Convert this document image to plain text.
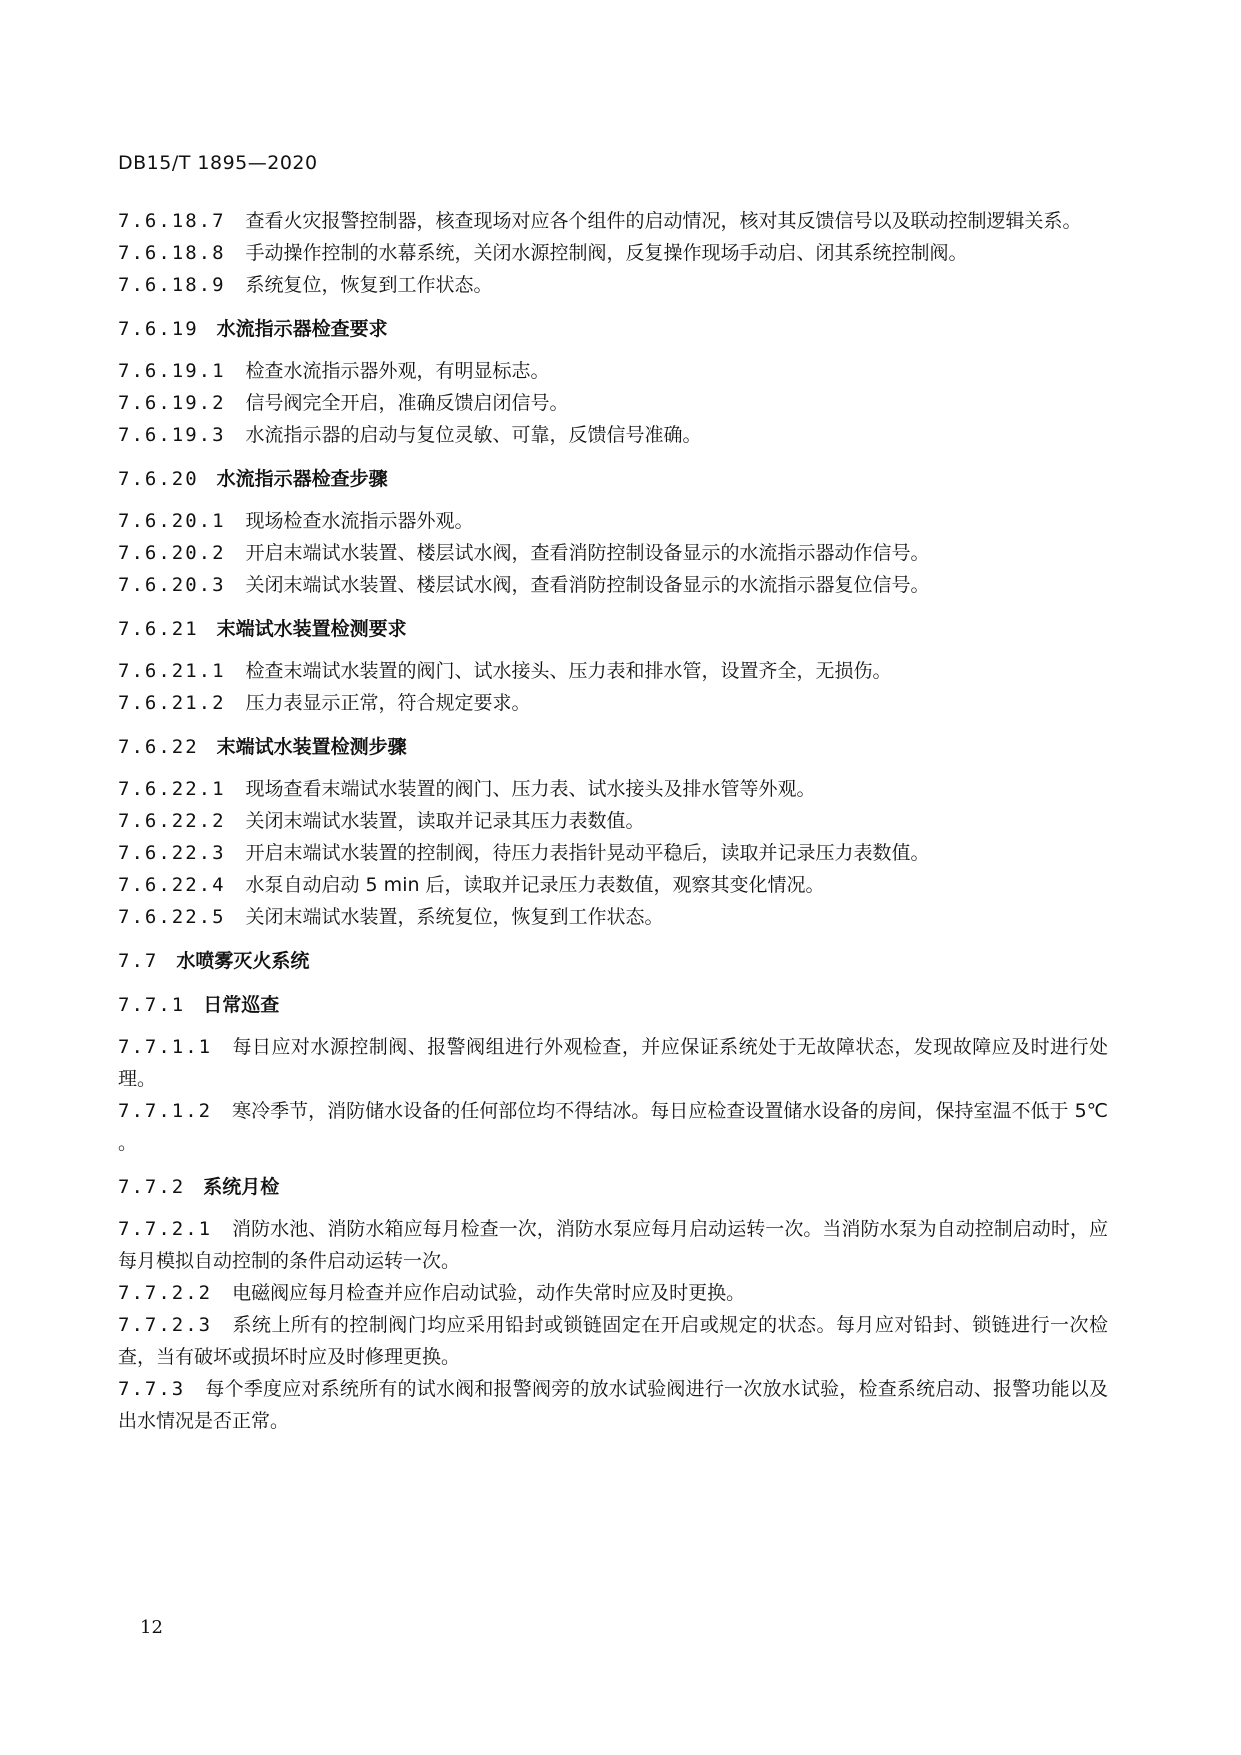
DB15/T 1895—2020
7.6.18.7 查看火灾报警控制器，核查现场对应各个组件的启动情况，核对其反馈信号以及联动控制逻辑关系。
7.6.18.8 手动操作控制的水幕系统，关闭水源控制阀，反复操作现场手动启、闭其系统控制阀。
7.6.18.9 系统复位，恢复到工作状态。
7.6.19 水流指示器检查要求
7.6.19.1 检查水流指示器外观，有明显标志。
7.6.19.2 信号阀完全开启，准确反馈启闭信号。
7.6.19.3 水流指示器的启动与复位灵敏、可靠，反馈信号准确。
7.6.20 水流指示器检查步骤
7.6.20.1 现场检查水流指示器外观。
7.6.20.2 开启末端试水装置、楼层试水阀，查看消防控制设备显示的水流指示器动作信号。
7.6.20.3 关闭末端试水装置、楼层试水阀，查看消防控制设备显示的水流指示器复位信号。
7.6.21 末端试水装置检测要求
7.6.21.1 检查末端试水装置的阀门、试水接头、压力表和排水管，设置齐全，无损伤。
7.6.21.2 压力表显示正常，符合规定要求。
7.6.22 末端试水装置检测步骤
7.6.22.1 现场查看末端试水装置的阀门、压力表、试水接头及排水管等外观。
7.6.22.2 关闭末端试水装置，读取并记录其压力表数值。
7.6.22.3 开启末端试水装置的控制阀，待压力表指针晃动平稳后，读取并记录压力表数值。
7.6.22.4 水泵自动启动 5 min 后，读取并记录压力表数值，观察其变化情况。
7.6.22.5 关闭末端试水装置，系统复位，恢复到工作状态。
7.7 水喷雾灭火系统
7.7.1 日常巡查
7.7.1.1 每日应对水源控制阀、报警阀组进行外观检查，并应保证系统处于无故障状态，发现故障应及时进行处理。
7.7.1.2 寒冷季节，消防储水设备的任何部位均不得结冰。每日应检查设置储水设备的房间，保持室温不低于 5℃ 。
7.7.2 系统月检
7.7.2.1 消防水池、消防水箱应每月检查一次，消防水泵应每月启动运转一次。当消防水泵为自动控制启动时，应每月模拟自动控制的条件启动运转一次。
7.7.2.2 电磁阀应每月检查并应作启动试验，动作失常时应及时更换。
7.7.2.3 系统上所有的控制阀门均应采用铅封或锁链固定在开启或规定的状态。每月应对铅封、锁链进行一次检查，当有破坏或损坏时应及时修理更换。
7.7.3 每个季度应对系统所有的试水阀和报警阀旁的放水试验阀进行一次放水试验，检查系统启动、报警功能以及出水情况是否正常。
12
